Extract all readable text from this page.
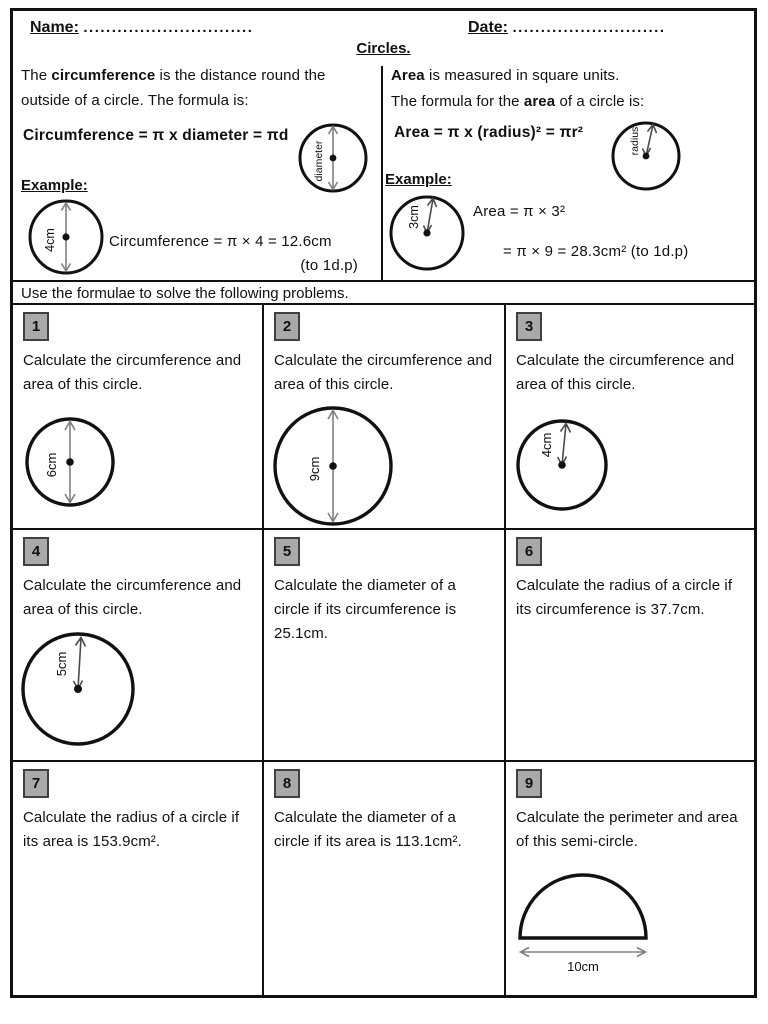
Name: ..............................	Date: ...........................
Circles.
The circumference is the distance round the outside of a circle. The formula is:
Circumference = π x diameter = πd
diameter
Example:
4cm	Circumference = π × 4 = 12.6cm
(to 1d.p)
Area is measured in square units.
The formula for the area of a circle is:
Area = π x (radius)² = πr²	radius
Example:
3cm	Area = π × 3²
= π × 9 = 28.3cm² (to 1d.p)
Use the formulae to solve the following problems.
1
Calculate the circumference and area of this circle.
6cm
2
Calculate the circumference and area of this circle.
9cm
3
Calculate the circumference and area of this circle.
4cm
4
Calculate the circumference and area of this circle.
5cm
5
Calculate the diameter of a circle if its circumference is 25.1cm.
6
Calculate the radius of a circle if its circumference is 37.7cm.
7
Calculate the radius of a circle if its area is 153.9cm².
8
Calculate the diameter of a circle if its area is 113.1cm².
9
Calculate the perimeter and area of this semi-circle.
10cm
